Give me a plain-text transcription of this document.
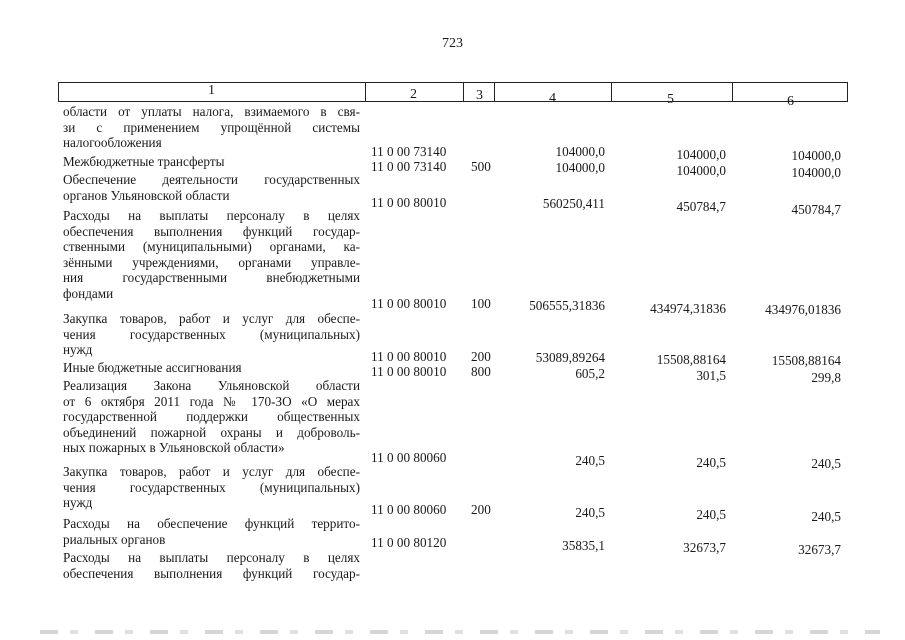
723
1	2	3	4	5	6
области от уплаты налога, взимаемого в свя-
зи с применением упрощённой системы
налогообложения
11 0 00 73140	104000,0	104000,0	104000,0
Межбюджетные трансферты	11 0 00 73140 500	104000,0	104000,0	104000,0
Обеспечение деятельности государственных
органов Ульяновской области	11 0 00 80010	560250,411	450784,7	450784,7
Расходы на выплаты персоналу в целях
обеспечения выполнения функций государ-
ственными (муниципальными) органами, ка-
зёнными учреждениями, органами управле-
ния государственными внебюджетными
фондами
11 0 00 80010 100	506555,31836	434974,31836	434976,01836
Закупка товаров, работ и услуг для обеспе-
чения государственных (муниципальных)
нужд	11 0 00 80010 200	53089,89264	15508,88164	15508,88164
Иные бюджетные ассигнования	11 0 00 80010 800	605,2	301,5	299,8
Реализация Закона Ульяновской области
от 6 октября 2011 года № 170-ЗО «О мерах
государственной поддержки общественных
объединений пожарной охраны и доброволь-
ных пожарных в Ульяновской области»
11 0 00 80060	240,5	240,5	240,5
Закупка товаров, работ и услуг для обеспе-
чения государственных (муниципальных)
нужд	11 0 00 80060 200	240,5	240,5	240,5
Расходы на обеспечение функций террито-
риальных органов	11 0 00 80120	35835,1	32673,7	32673,7
Расходы на выплаты персоналу в целях
обеспечения выполнения функций государ-
